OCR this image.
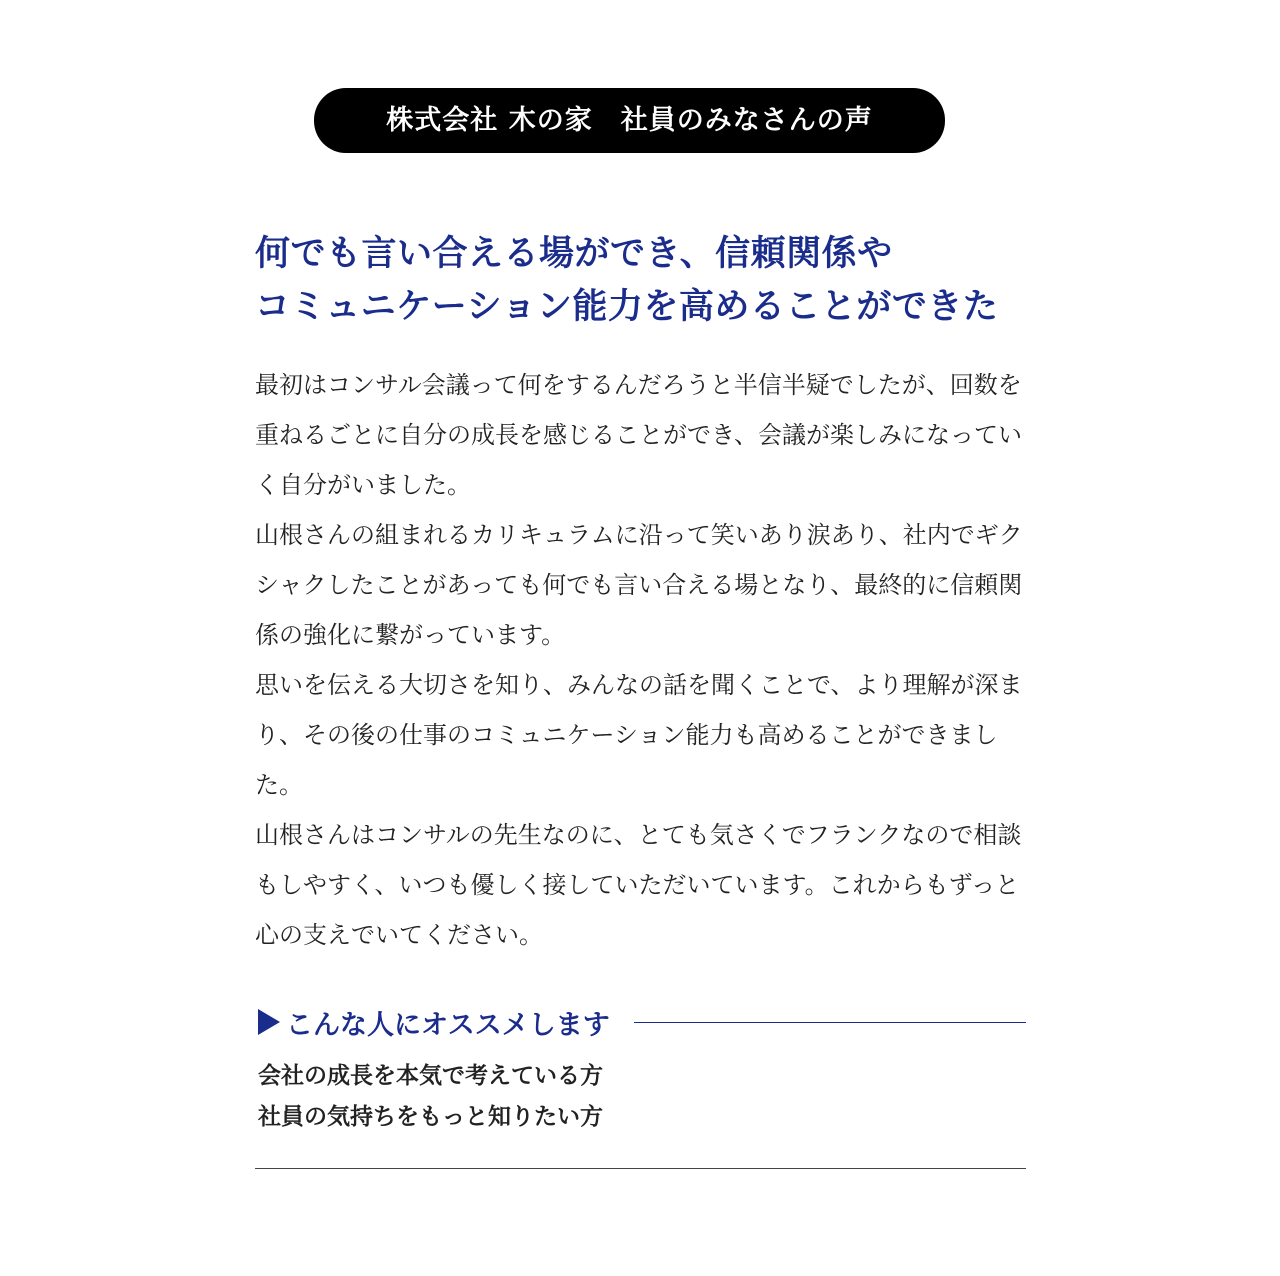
株式会社 木の家　社員のみなさんの声
何でも言い合える場ができ、信頼関係や
コミュニケーション能力を高めることができた

最初はコンサル会議って何をするんだろうと半信半疑でしたが、回数を重ねるごとに自分の成長を感じることができ、会議が楽しみになっていく自分がいました。

山根さんの組まれるカリキュラムに沿って笑いあり涙あり、社内でギクシャクしたことがあっても何でも言い合える場となり、最終的に信頼関係の強化に繋がっています。

思いを伝える大切さを知り、みんなの話を聞くことで、より理解が深まり、その後の仕事のコミュニケーション能力も高めることができました。

山根さんはコンサルの先生なのに、とても気さくでフランクなので相談もしやすく、いつも優しく接していただいています。これからもずっと心の支えでいてください。

こんな人にオススメします
会社の成長を本気で考えている方
社員の気持ちをもっと知りたい方
